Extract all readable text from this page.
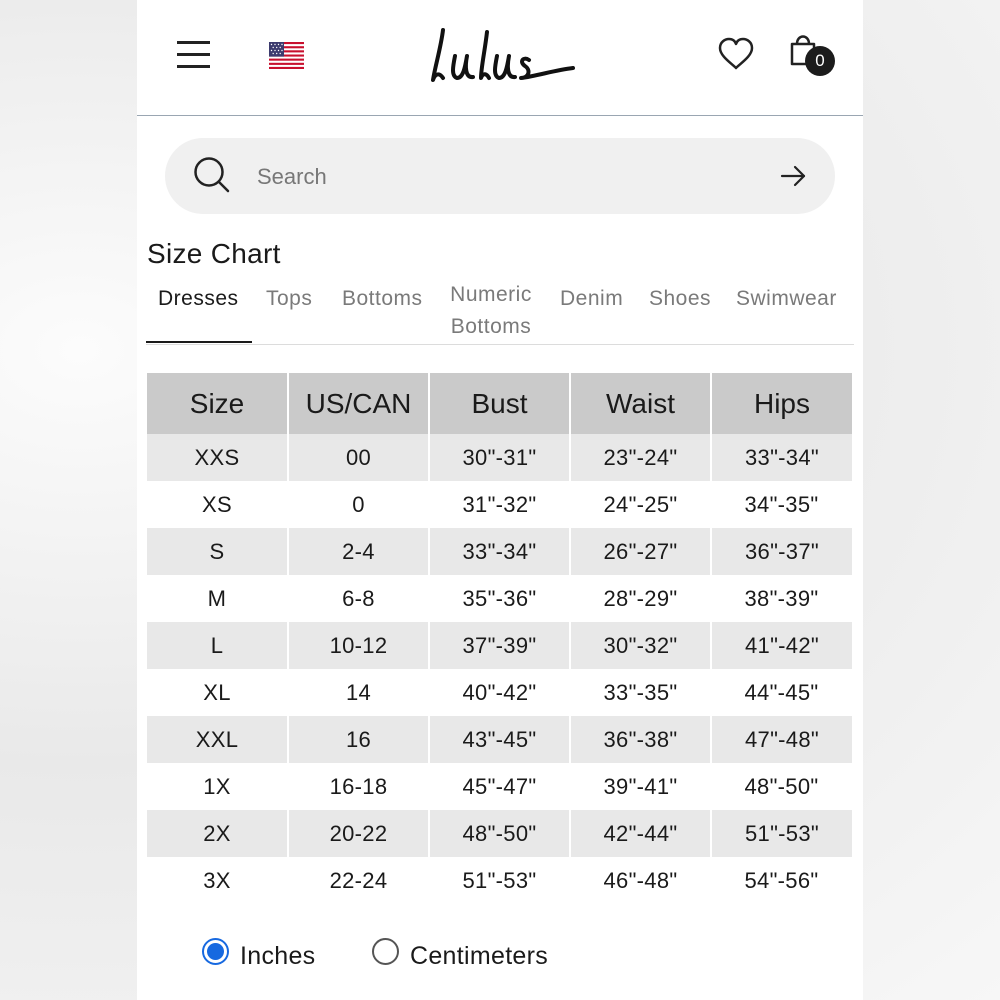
0
Search
Size Chart
Dresses Tops Bottoms Numeric Bottoms
Denim Shoes Swimwear
Size	US/CAN	Bust	Waist	Hips
XXS	00	30"-31"	23"-24"	33"-34"
XS	0	31"-32"	24"-25"	34"-35"
S	2-4	33"-34"	26"-27"	36"-37"
M	6-8	35"-36"	28"-29"	38"-39"
L	10-12	37"-39"	30"-32"	41"-42"
XL	14	40"-42"	33"-35"	44"-45"
XXL	16	43"-45"	36"-38"	47"-48"
1X	16-18	45"-47"	39"-41"	48"-50"
2X	20-22	48"-50"	42"-44"	51"-53"
3X	22-24	51"-53"	46"-48"	54"-56"
Inches	Centimeters
